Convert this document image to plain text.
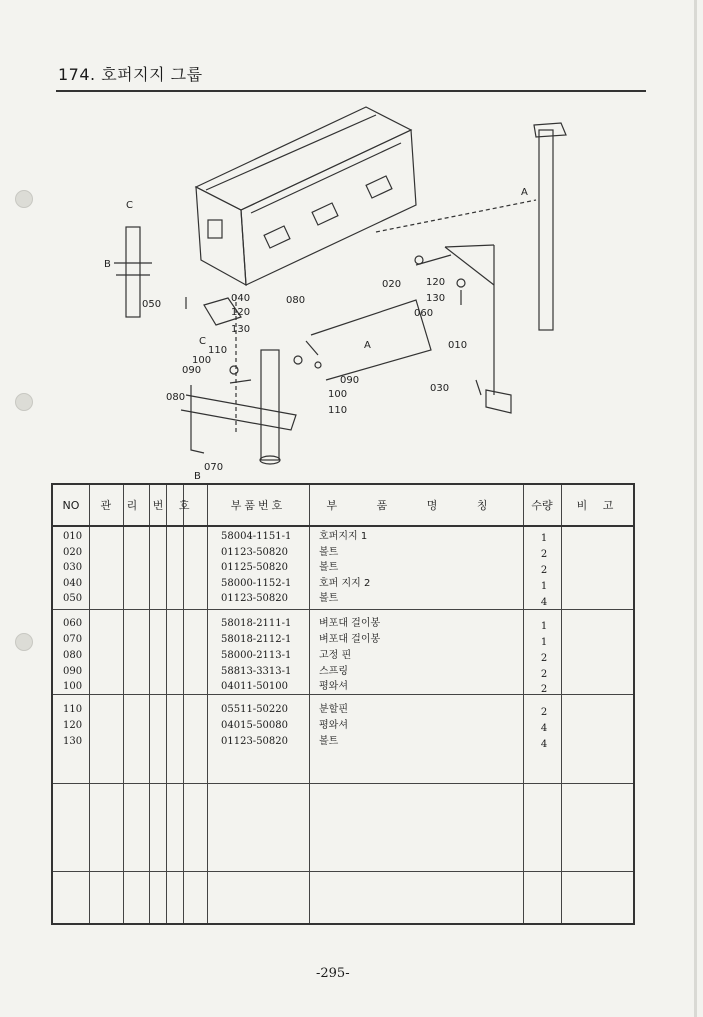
174. 호퍼지지 그룹
C
B
050
040
120
130
C
110
100
090
080
070
B
080
060
A
090
100
110
020 120
130
A
010
030
NO	관 리 번 호	부품번호	부 품 명 칭	수량	비 고
010	58004-1151-1	호퍼지지 1	1
020	01123-50820	볼트	2
030	01125-50820	볼트	2
040	58000-1152-1	호퍼 지지 2	1
050	01123-50820	볼트	4
060	58018-2111-1	벼포대 걸이봉	1
070	58018-2112-1	벼포대 걸이봉	1
080	58000-2113-1	고정 핀	2
090	58813-3313-1	스프링	2
100	04011-50100	평와셔	2
110	05511-50220	분할핀	2
120	04015-50080	평와셔	4
130	01123-50820	볼트	4
-295-
